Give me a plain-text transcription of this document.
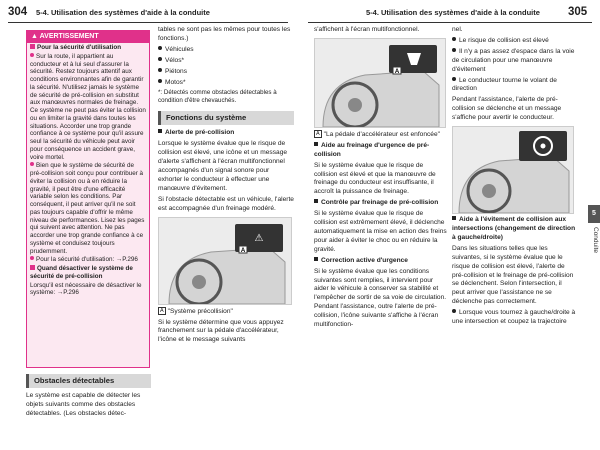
304 5-4. Utilisation des systèmes d'aide à la conduite	5-4. Utilisation des systèmes d'aide à la conduite 305
▲ AVERTISSEMENT

Pour la sécurité d'utilisation

Sur la route, il appartient au conducteur et à lui seul d'assurer la sécurité. Restez toujours attentif aux conditions environnantes afin de garantir la sécurité. N'utilisez jamais le système de sécurité de pré-collision en substitut aux manœuvres normales de freinage. Ce système ne peut pas éviter la collision ou en limiter la gravité dans toutes les situations. Accorder une trop grande confiance à ce système pour qu'il assure seul la sécurité du véhicule peut avoir pour conséquence un accident grave, voire mortel.

Bien que le système de sécurité de pré-collision soit conçu pour contribuer à éviter la collision ou à en réduire la gravité, il peut être d'une efficacité variable selon les conditions. Par conséquent, il peut arriver qu'il ne soit pas toujours capable d'offrir le même niveau de performances. Lisez les pages qui suivent avec attention. Ne pas accorder une trop grande confiance à ce système et conduisez toujours prudemment.

Pour la sécurité d'utilisation: →P.296

Quand désactiver le système de sécurité de pré-collision

Lorsqu'il est nécessaire de désactiver le système: →P.296

Obstacles détectables

Le système est capable de détecter les objets suivants comme des obstacles détectables. (Les obstacles détec-

tables ne sont pas les mêmes pour toutes les fonctions.)

Véhicules

Vélos*

Piétons

Motos*

*: Détectés comme obstacles détectables à condition d'être chevauchés.

Fonctions du système

Alerte de pré-collision

Lorsque le système évalue que le risque de collision est élevé, une icône et un message d'alerte s'affichent à l'écran multifonctionnel accompagnés d'un signal sonore pour exhorter le conducteur à effectuer une manœuvre d'évitement.

Si l'obstacle détectable est un véhicule, l'alerte est accompagnée d'un freinage modéré.

⚠
A

A "Système précollision"

Si le système détermine que vous appuyez franchement sur la pédale d'accélérateur, l'icône et le message suivants

s'affichent à l'écran multifonctionnel.

A

A "La pédale d'accélérateur est enfoncée"

Aide au freinage d'urgence de pré-collision

Si le système évalue que le risque de collision est élevé et que la manœuvre de freinage du conducteur est insuffisante, il accroît la puissance de freinage.

Contrôle par freinage de pré-collision

Si le système évalue que le risque de collision est extrêmement élevé, il déclenche automatiquement la mise en action des freins pour aider à éviter le choc ou en réduire la gravité.

Correction active d'urgence

Si le système évalue que les conditions suivantes sont remplies, il intervient pour aider le véhicule à conserver sa stabilité et l'empêcher de sortir de sa voie de circulation. Pendant l'assistance, outre l'alerte de pré-collision, l'icône suivante s'affiche à l'écran multifonction-

nel.

Le risque de collision est élevé

Il n'y a pas assez d'espace dans la voie de circulation pour une manœuvre d'évitement

Le conducteur tourne le volant de direction

Pendant l'assistance, l'alerte de pré-collision se déclenche et un message s'affiche pour avertir le conducteur.

Aide à l'évitement de collision aux intersections (changement de direction à gauche/droite)

Dans les situations telles que les suivantes, si le système évalue que le risque de collision est élevé, l'alerte de pré-collision et le freinage de pré-collision se déclenchent. Selon l'intersection, il peut arriver que l'assistance ne se déclenche pas correctement.

Lorsque vous tournez à gauche/droite à une intersection et coupez la trajectoire

5
Conduite
